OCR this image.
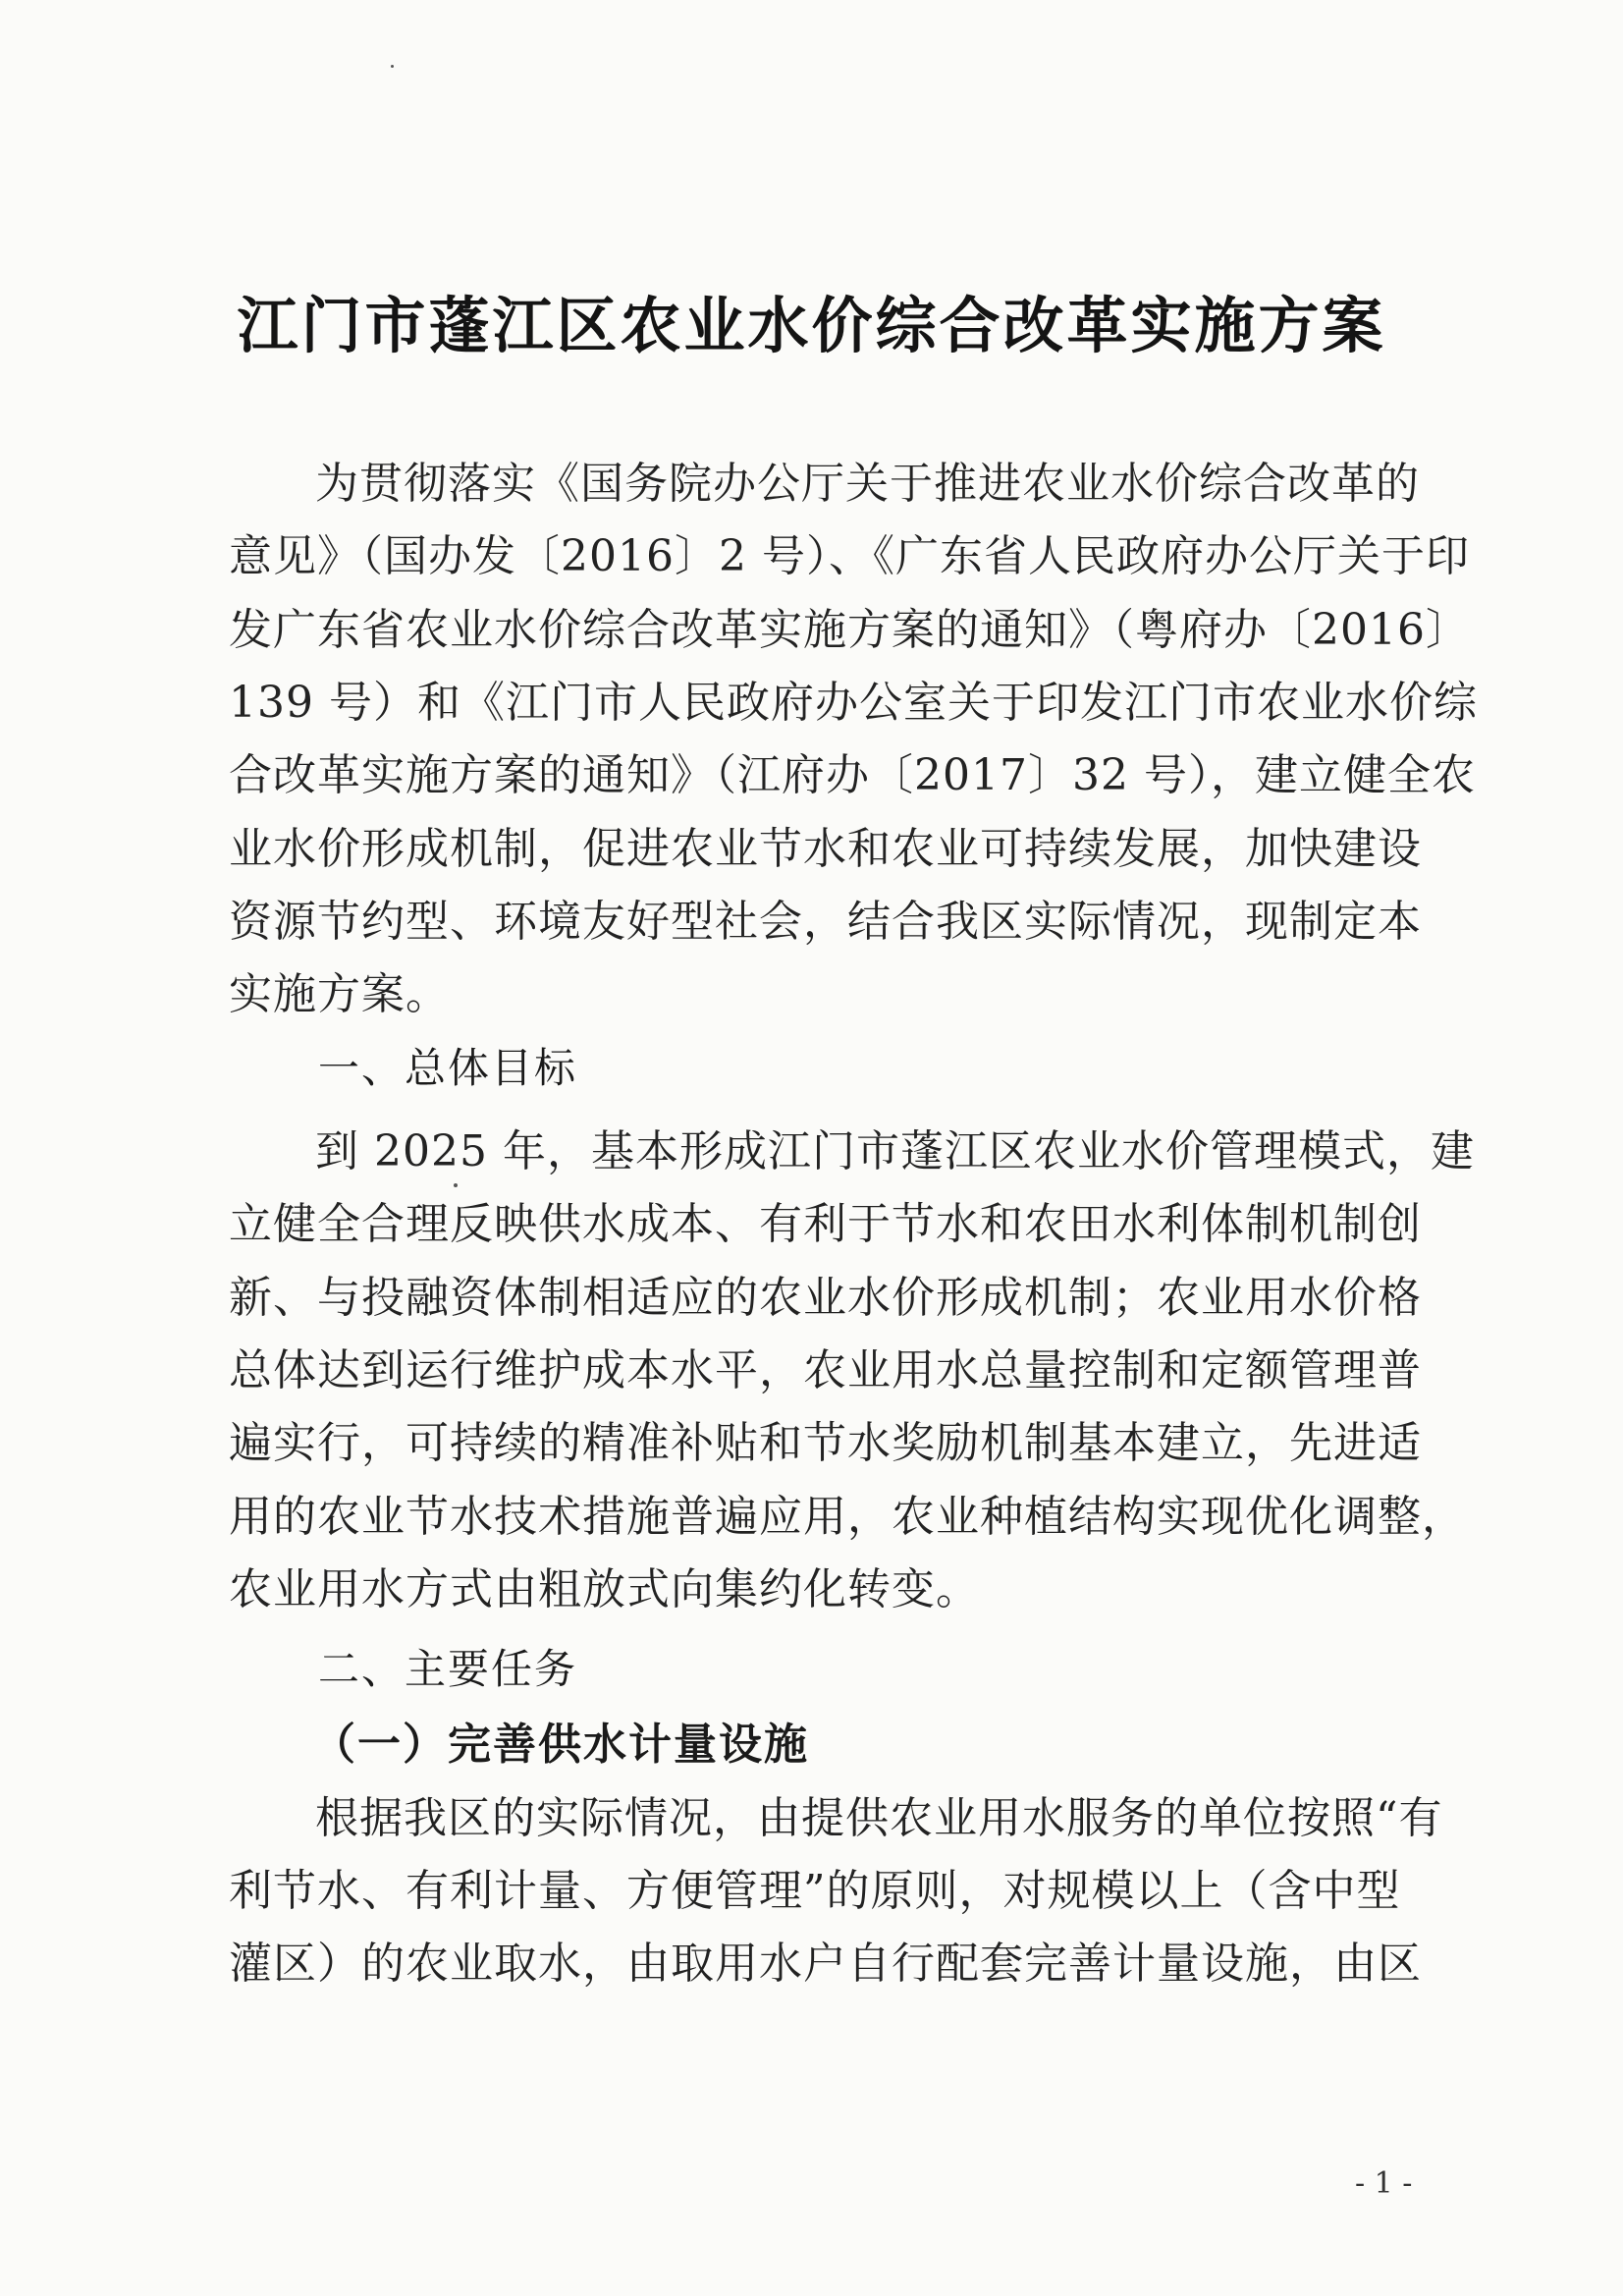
江门市蓬江区农业水价综合改革实施方案
为贯彻落实《国务院办公厅关于推进农业水价综合改革的
意见》（国办发〔2016〕2 号）、《广东省人民政府办公厅关于印
发广东省农业水价综合改革实施方案的通知》（粤府办〔2016〕
139 号）和《江门市人民政府办公室关于印发江门市农业水价综
合改革实施方案的通知》（江府办〔2017〕32 号），建立健全农
业水价形成机制，促进农业节水和农业可持续发展，加快建设
资源节约型、环境友好型社会，结合我区实际情况，现制定本
实施方案。
一、总体目标
到 2025 年，基本形成江门市蓬江区农业水价管理模式，建
立健全合理反映供水成本、有利于节水和农田水利体制机制创
新、与投融资体制相适应的农业水价形成机制；农业用水价格
总体达到运行维护成本水平，农业用水总量控制和定额管理普
遍实行，可持续的精准补贴和节水奖励机制基本建立，先进适
用的农业节水技术措施普遍应用，农业种植结构实现优化调整，
农业用水方式由粗放式向集约化转变。
二、主要任务
（一）完善供水计量设施
根据我区的实际情况，由提供农业用水服务的单位按照“有
利节水、有利计量、方便管理”的原则，对规模以上（含中型
灌区）的农业取水，由取用水户自行配套完善计量设施，由区
- 1 -
